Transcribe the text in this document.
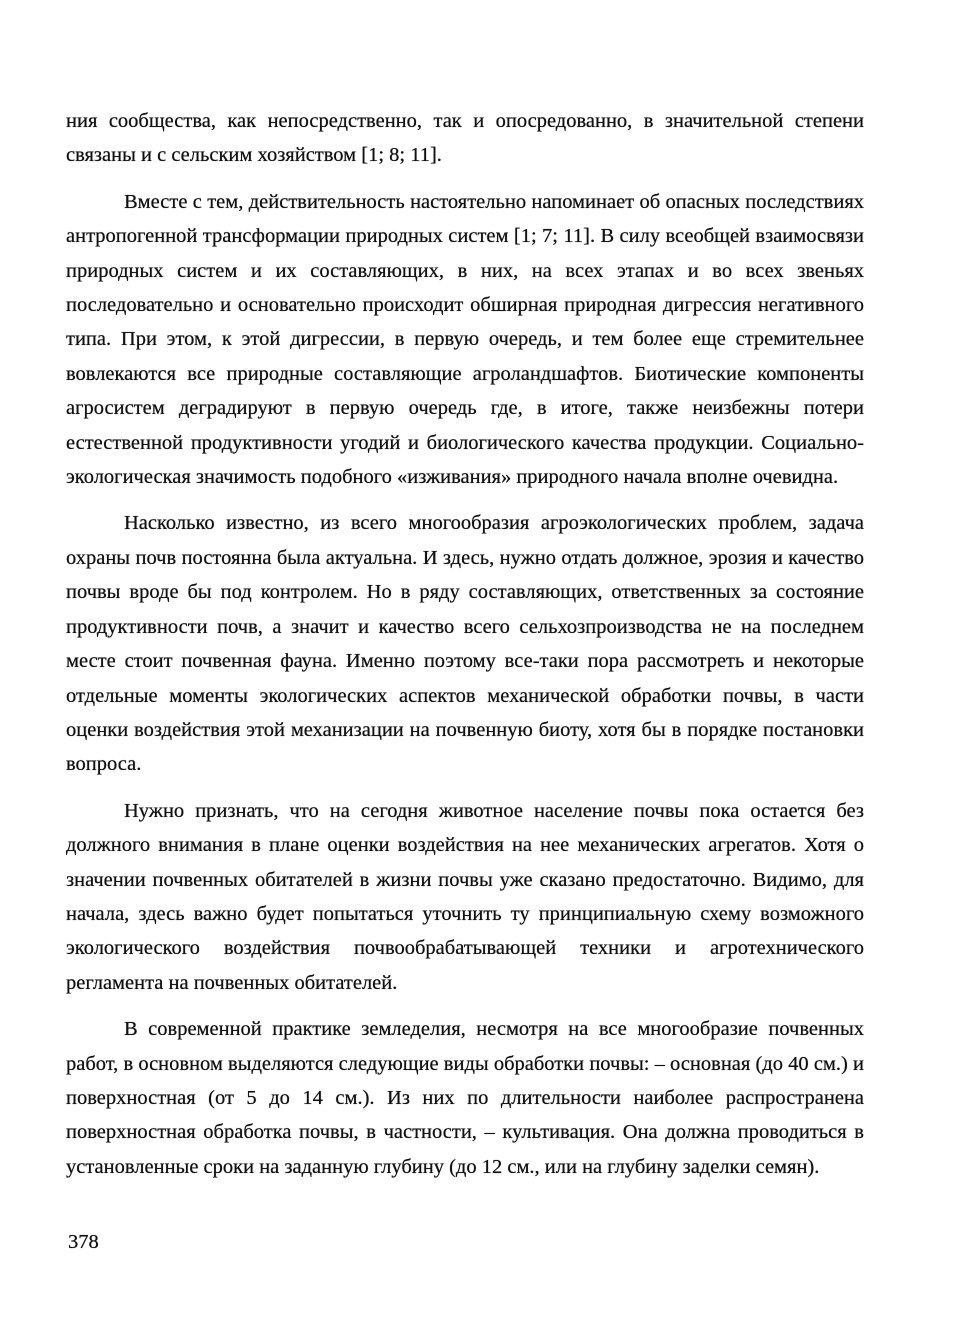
ния сообщества, как непосредственно, так и опосредованно, в значительной степени связаны и с сельским хозяйством [1; 8; 11].

Вместе с тем, действительность настоятельно напоминает об опасных последствиях антропогенной трансформации природных систем [1; 7; 11]. В силу всеобщей взаимосвязи природных систем и их составляющих, в них, на всех этапах и во всех звеньях последовательно и основательно происходит обширная природная дигрессия негативного типа. При этом, к этой дигрессии, в первую очередь, и тем более еще стремительнее вовлекаются все природные составляющие агроландшафтов. Биотические компоненты агросистем деградируют в первую очередь где, в итоге, также неизбежны потери естественной продуктивности угодий и биологического качества продукции. Социально-экологическая значимость подобного «изживания» природного начала вполне очевидна.

Насколько известно, из всего многообразия агроэкологических проблем, задача охраны почв постоянна была актуальна. И здесь, нужно отдать должное, эрозия и качество почвы вроде бы под контролем. Но в ряду составляющих, ответственных за состояние продуктивности почв, а значит и качество всего сельхозпроизводства не на последнем месте стоит почвенная фауна. Именно поэтому все-таки пора рассмотреть и некоторые отдельные моменты экологических аспектов механической обработки почвы, в части оценки воздействия этой механизации на почвенную биоту, хотя бы в порядке постановки вопроса.

Нужно признать, что на сегодня животное население почвы пока остается без должного внимания в плане оценки воздействия на нее механических агрегатов. Хотя о значении почвенных обитателей в жизни почвы уже сказано предостаточно. Видимо, для начала, здесь важно будет попытаться уточнить ту принципиальную схему возможного экологического воздействия почвообрабатывающей техники и агротехнического регламента на почвенных обитателей.

В современной практике земледелия, несмотря на все многообразие почвенных работ, в основном выделяются следующие виды обработки почвы: – основная (до 40 см.) и поверхностная (от 5 до 14 см.). Из них по длительности наиболее распространена поверхностная обработка почвы, в частности, – культивация. Она должна проводиться в установленные сроки на заданную глубину (до 12 см., или на глубину заделки семян).

378
